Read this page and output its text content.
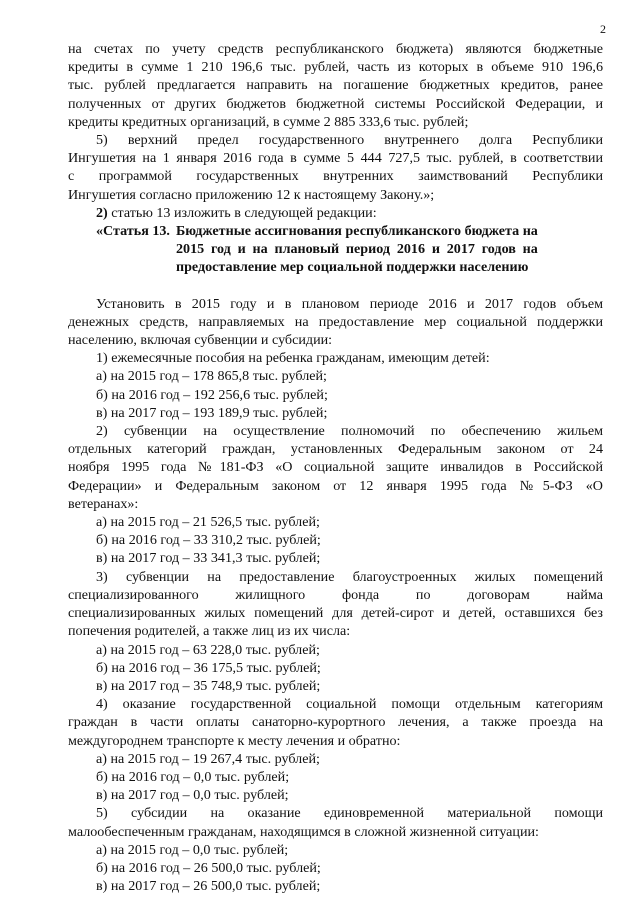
2

на счетах по учету средств республиканского бюджета) являются бюджетные

кредиты в сумме 1 210 196,6 тыс. рублей, часть из которых в объеме 910 196,6

тыс. рублей предлагается направить на погашение бюджетных кредитов, ранее

полученных от других бюджетов бюджетной системы Российской Федерации, и

кредиты кредитных организаций, в сумме 2 885 333,6 тыс. рублей;

5) верхний предел государственного внутреннего долга Республики

Ингушетия на 1 января 2016 года в сумме 5 444 727,5 тыс. рублей, в соответствии

с программой государственных внутренних заимствований Республики

Ингушетия согласно приложению 12 к настоящему Закону.»;

2) статью 13 изложить в следующей редакции:

«Статья 13. Бюджетные ассигнования республиканского бюджета на
2015 год и на плановый период 2016 и 2017 годов на
предоставление мер социальной поддержки населению

Установить в 2015 году и в плановом периоде 2016 и 2017 годов объем

денежных средств, направляемых на предоставление мер социальной поддержки

населению, включая субвенции и субсидии:

1) ежемесячные пособия на ребенка гражданам, имеющим детей:

а) на 2015 год – 178 865,8 тыс. рублей;

б) на 2016 год – 192 256,6 тыс. рублей;

в) на 2017 год – 193 189,9 тыс. рублей;

2) субвенции на осуществление полномочий по обеспечению жильем

отдельных категорий граждан, установленных Федеральным законом от 24

ноября 1995 года №181-ФЗ «О социальной защите инвалидов в Российской

Федерации» и Федеральным законом от 12 января 1995 года №5-ФЗ «О

ветеранах»:

а) на 2015 год – 21 526,5 тыс. рублей;

б) на 2016 год – 33 310,2 тыс. рублей;

в) на 2017 год – 33 341,3 тыс. рублей;

3) субвенции на предоставление благоустроенных жилых помещений

специализированного жилищного фонда по договорам найма

специализированных жилых помещений для детей-сирот и детей, оставшихся без

попечения родителей, а также лиц из их числа:

а) на 2015 год – 63 228,0 тыс. рублей;

б) на 2016 год – 36 175,5 тыс. рублей;

в) на 2017 год – 35 748,9 тыс. рублей;

4) оказание государственной социальной помощи отдельным категориям

граждан в части оплаты санаторно-курортного лечения, а также проезда на

междугороднем транспорте к месту лечения и обратно:

а) на 2015 год – 19 267,4 тыс. рублей;

б) на 2016 год – 0,0 тыс. рублей;

в) на 2017 год – 0,0 тыс. рублей;

5) субсидии на оказание единовременной материальной помощи

малообеспеченным гражданам, находящимся в сложной жизненной ситуации:

а) на 2015 год – 0,0 тыс. рублей;

б) на 2016 год – 26 500,0 тыс. рублей;

в) на 2017 год – 26 500,0 тыс. рублей;
